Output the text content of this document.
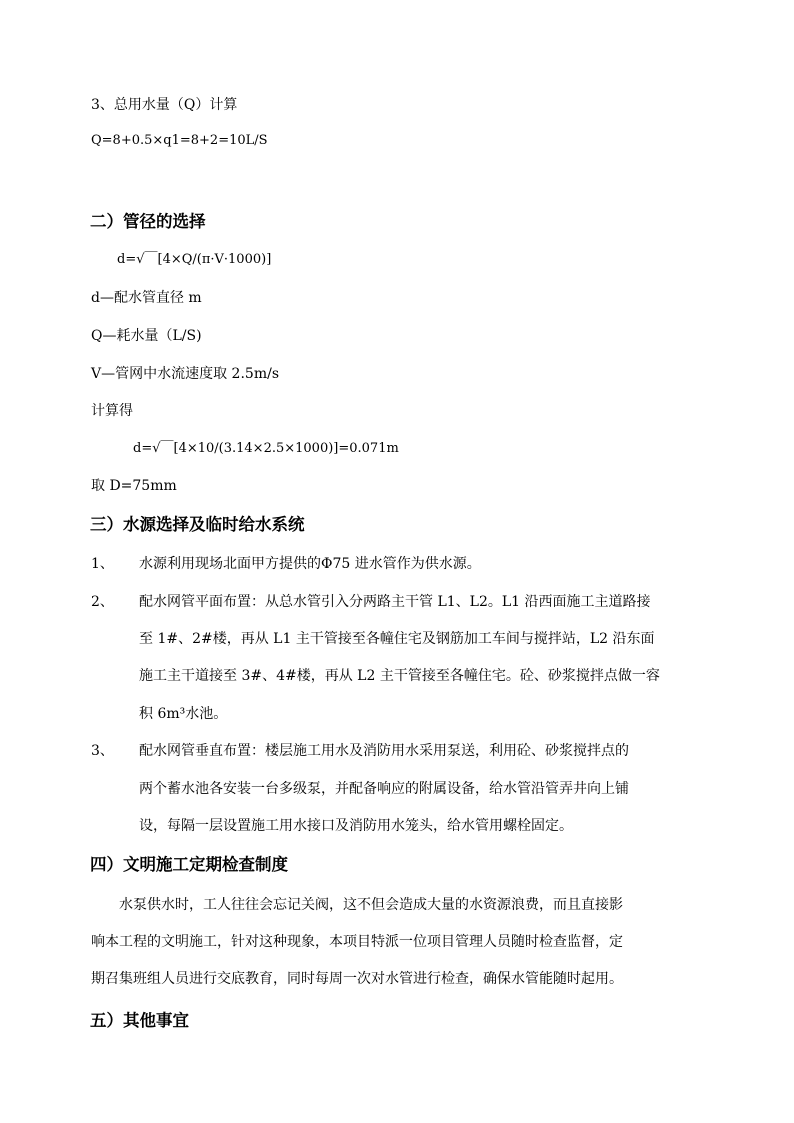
3、总用水量（Q）计算
Q=8+0.5×q1=8+2=10L/S
二）管径的选择
d=√￣[4×Q/(π·V·1000)]
d—配水管直径 m
Q—耗水量（L/S)
V—管网中水流速度取 2.5m/s
计算得
d=√￣[4×10/(3.14×2.5×1000)]=0.071m
取 D=75mm
三）水源选择及临时给水系统
1、 水源利用现场北面甲方提供的Φ75 进水管作为供水源。
2、 配水网管平面布置：从总水管引入分两路主干管 L1、L2。L1 沿西面施工主道路接
至 1#、2#楼，再从 L1 主干管接至各幢住宅及钢筋加工车间与搅拌站，L2 沿东面
施工主干道接至 3#、4#楼，再从 L2 主干管接至各幢住宅。砼、砂浆搅拌点做一容
积 6m³水池。
3、 配水网管垂直布置：楼层施工用水及消防用水采用泵送，利用砼、砂浆搅拌点的
两个蓄水池各安装一台多级泵，并配备响应的附属设备，给水管沿管弄井向上铺
设，每隔一层设置施工用水接口及消防用水笼头，给水管用螺栓固定。
四）文明施工定期检查制度
水泵供水时，工人往往会忘记关阀，这不但会造成大量的水资源浪费，而且直接影
响本工程的文明施工，针对这种现象，本项目特派一位项目管理人员随时检查监督，定
期召集班组人员进行交底教育，同时每周一次对水管进行检查，确保水管能随时起用。
五）其他事宜
